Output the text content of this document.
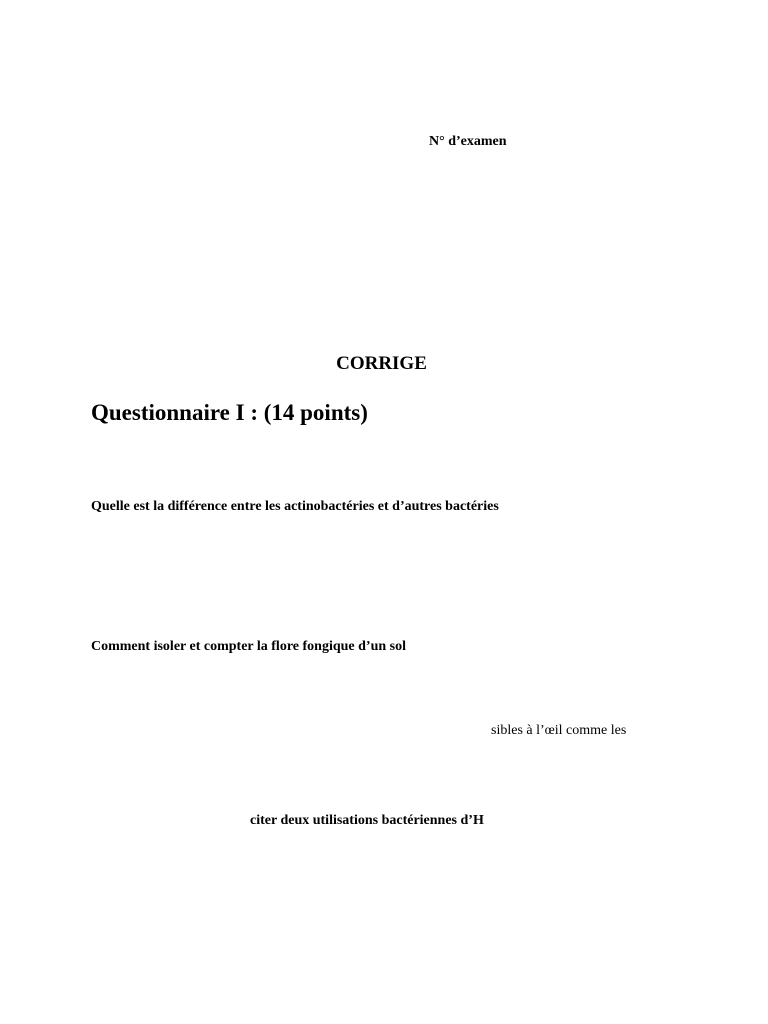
N° d’examen
CORRIGE
Questionnaire I : (14 points)
Quelle est la différence entre les actinobactéries et d’autres bactéries
Comment isoler et compter la flore fongique d’un sol
sibles à l’œil comme les
citer deux utilisations bactériennes d’H
